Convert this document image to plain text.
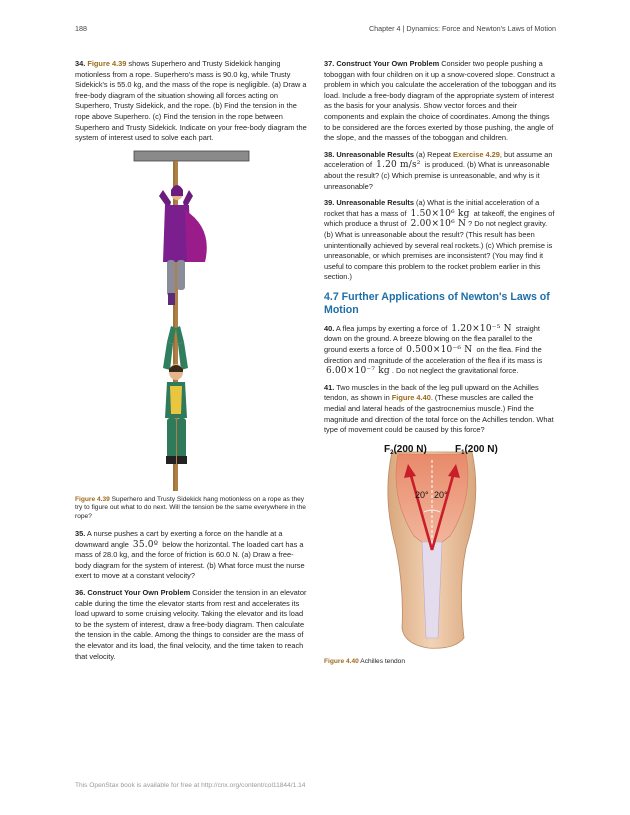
188	Chapter 4 | Dynamics: Force and Newton's Laws of Motion

34. Figure 4.39 shows Superhero and Trusty Sidekick hanging motionless from a rope. Superhero's mass is 90.0 kg, while Trusty Sidekick's is 55.0 kg, and the mass of the rope is negligible. (a) Draw a free-body diagram of the situation showing all forces acting on Superhero, Trusty Sidekick, and the rope. (b) Find the tension in the rope above Superhero. (c) Find the tension in the rope between Superhero and Trusty Sidekick. Indicate on your free-body diagram the system of interest used to solve each part.

Figure 4.39 Superhero and Trusty Sidekick hang motionless on a rope as they try to figure out what to do next. Will the tension be the same everywhere in the rope?

35. A nurse pushes a cart by exerting a force on the handle at a downward angle 35.0º below the horizontal. The loaded cart has a mass of 28.0 kg, and the force of friction is 60.0 N. (a) Draw a free-body diagram for the system of interest. (b) What force must the nurse exert to move at a constant velocity?

36. Construct Your Own Problem Consider the tension in an elevator cable during the time the elevator starts from rest and accelerates its load upward to some cruising velocity. Taking the elevator and its load to be the system of interest, draw a free-body diagram. Then calculate the tension in the cable. Among the things to consider are the mass of the elevator and its load, the final velocity, and the time taken to reach that velocity.

37. Construct Your Own Problem Consider two people pushing a toboggan with four children on it up a snow-covered slope. Construct a problem in which you calculate the acceleration of the toboggan and its load. Include a free-body diagram of the appropriate system of interest as the basis for your analysis. Show vector forces and their components and explain the choice of coordinates. Among the things to be considered are the forces exerted by those pushing, the angle of the slope, and the masses of the toboggan and children.

38. Unreasonable Results (a) Repeat Exercise 4.29, but assume an acceleration of 1.20 m/s² is produced. (b) What is unreasonable about the result? (c) Which premise is unreasonable, and why is it unreasonable?

39. Unreasonable Results (a) What is the initial acceleration of a rocket that has a mass of 1.50×10⁶ kg at takeoff, the engines of which produce a thrust of 2.00×10⁶ N ? Do not neglect gravity. (b) What is unreasonable about the result? (This result has been unintentionally achieved by several real rockets.) (c) Which premise is unreasonable, or which premises are inconsistent? (You may find it useful to compare this problem to the rocket problem earlier in this section.)

4.7 Further Applications of Newton's Laws of Motion

40. A flea jumps by exerting a force of 1.20×10⁻⁵ N straight down on the ground. A breeze blowing on the flea parallel to the ground exerts a force of 0.500×10⁻⁶ N on the flea. Find the direction and magnitude of the acceleration of the flea if its mass is 6.00×10⁻⁷ kg . Do not neglect the gravitational force.

41. Two muscles in the back of the leg pull upward on the Achilles tendon, as shown in Figure 4.40. (These muscles are called the medial and lateral heads of the gastrocnemius muscle.) Find the magnitude and direction of the total force on the Achilles tendon. What type of movement could be caused by this force?

$F_2(200$ N)	$F_1(200$ N)
20° 20°

Figure 4.40 Achilles tendon

This OpenStax book is available for free at http://cnx.org/content/col11844/1.14
